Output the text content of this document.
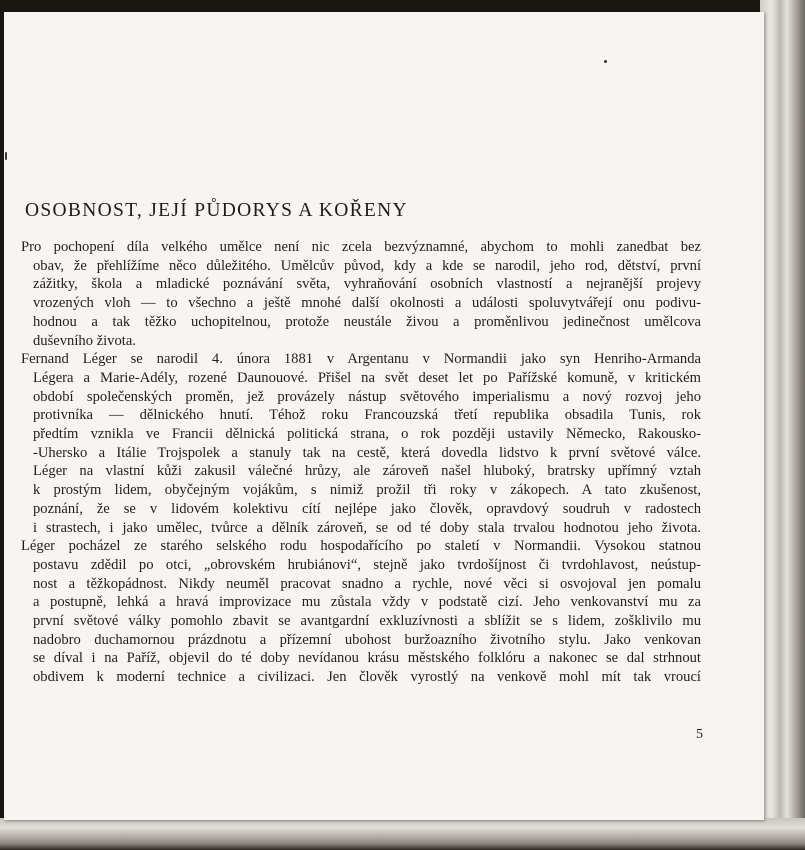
OSOBNOST, JEJÍ PŮDORYS A KOŘENY

Pro pochopení díla velkého umělce není nic zcela bezvýznamné, abychom to mohli zanedbat bez
obav, že přehlížíme něco důležitého. Umělcův původ, kdy a kde se narodil, jeho rod, dětství, první
zážitky, škola a mladické poznávání světa, vyhraňování osobních vlastností a nejranější projevy
vrozených vloh — to všechno a ještě mnohé další okolnosti a události spoluvytvářejí onu podivu-
hodnou a tak těžko uchopitelnou, protože neustále živou a proměnlivou jedinečnost umělcova
duševního života.

Fernand Léger se narodil 4. února 1881 v Argentanu v Normandii jako syn Henriho-Armanda
Légera a Marie-Adély, rozené Daunouové. Přišel na svět deset let po Pařížské komuně, v kritickém
období společenských proměn, jež provázely nástup světového imperialismu a nový rozvoj jeho
protivníka — dělnického hnutí. Téhož roku Francouzská třetí republika obsadila Tunis, rok
předtím vznikla ve Francii dělnická politická strana, o rok později ustavily Německo, Rakousko-
-Uhersko a Itálie Trojspolek a stanuly tak na cestě, která dovedla lidstvo k první světové válce.
Léger na vlastní kůži zakusil válečné hrůzy, ale zároveň našel hluboký, bratrsky upřímný vztah
k prostým lidem, obyčejným vojákům, s nimiž prožil tři roky v zákopech. A tato zkušenost,
poznání, že se v lidovém kolektivu cítí nejlépe jako člověk, opravdový soudruh v radostech
i strastech, i jako umělec, tvůrce a dělník zároveň, se od té doby stala trvalou hodnotou jeho života.

Léger pocházel ze starého selského rodu hospodařícího po staletí v Normandii. Vysokou statnou
postavu zdědil po otci, „obrovském hrubiánovi“, stejně jako tvrdošíjnost či tvrdohlavost, neústup-
nost a těžkopádnost. Nikdy neuměl pracovat snadno a rychle, nové věci si osvojoval jen pomalu
a postupně, lehká a hravá improvizace mu zůstala vždy v podstatě cizí. Jeho venkovanství mu za
první světové války pomohlo zbavit se avantgardní exkluzívnosti a sblížit se s lidem, zošklivilo mu
nadobro duchamornou prázdnotu a přízemní ubohost buržoazního životního stylu. Jako venkovan
se díval i na Paříž, objevil do té doby nevídanou krásu městského folklóru a nakonec se dal strhnout
obdivem k moderní technice a civilizaci. Jen člověk vyrostlý na venkově mohl mít tak vroucí

5
